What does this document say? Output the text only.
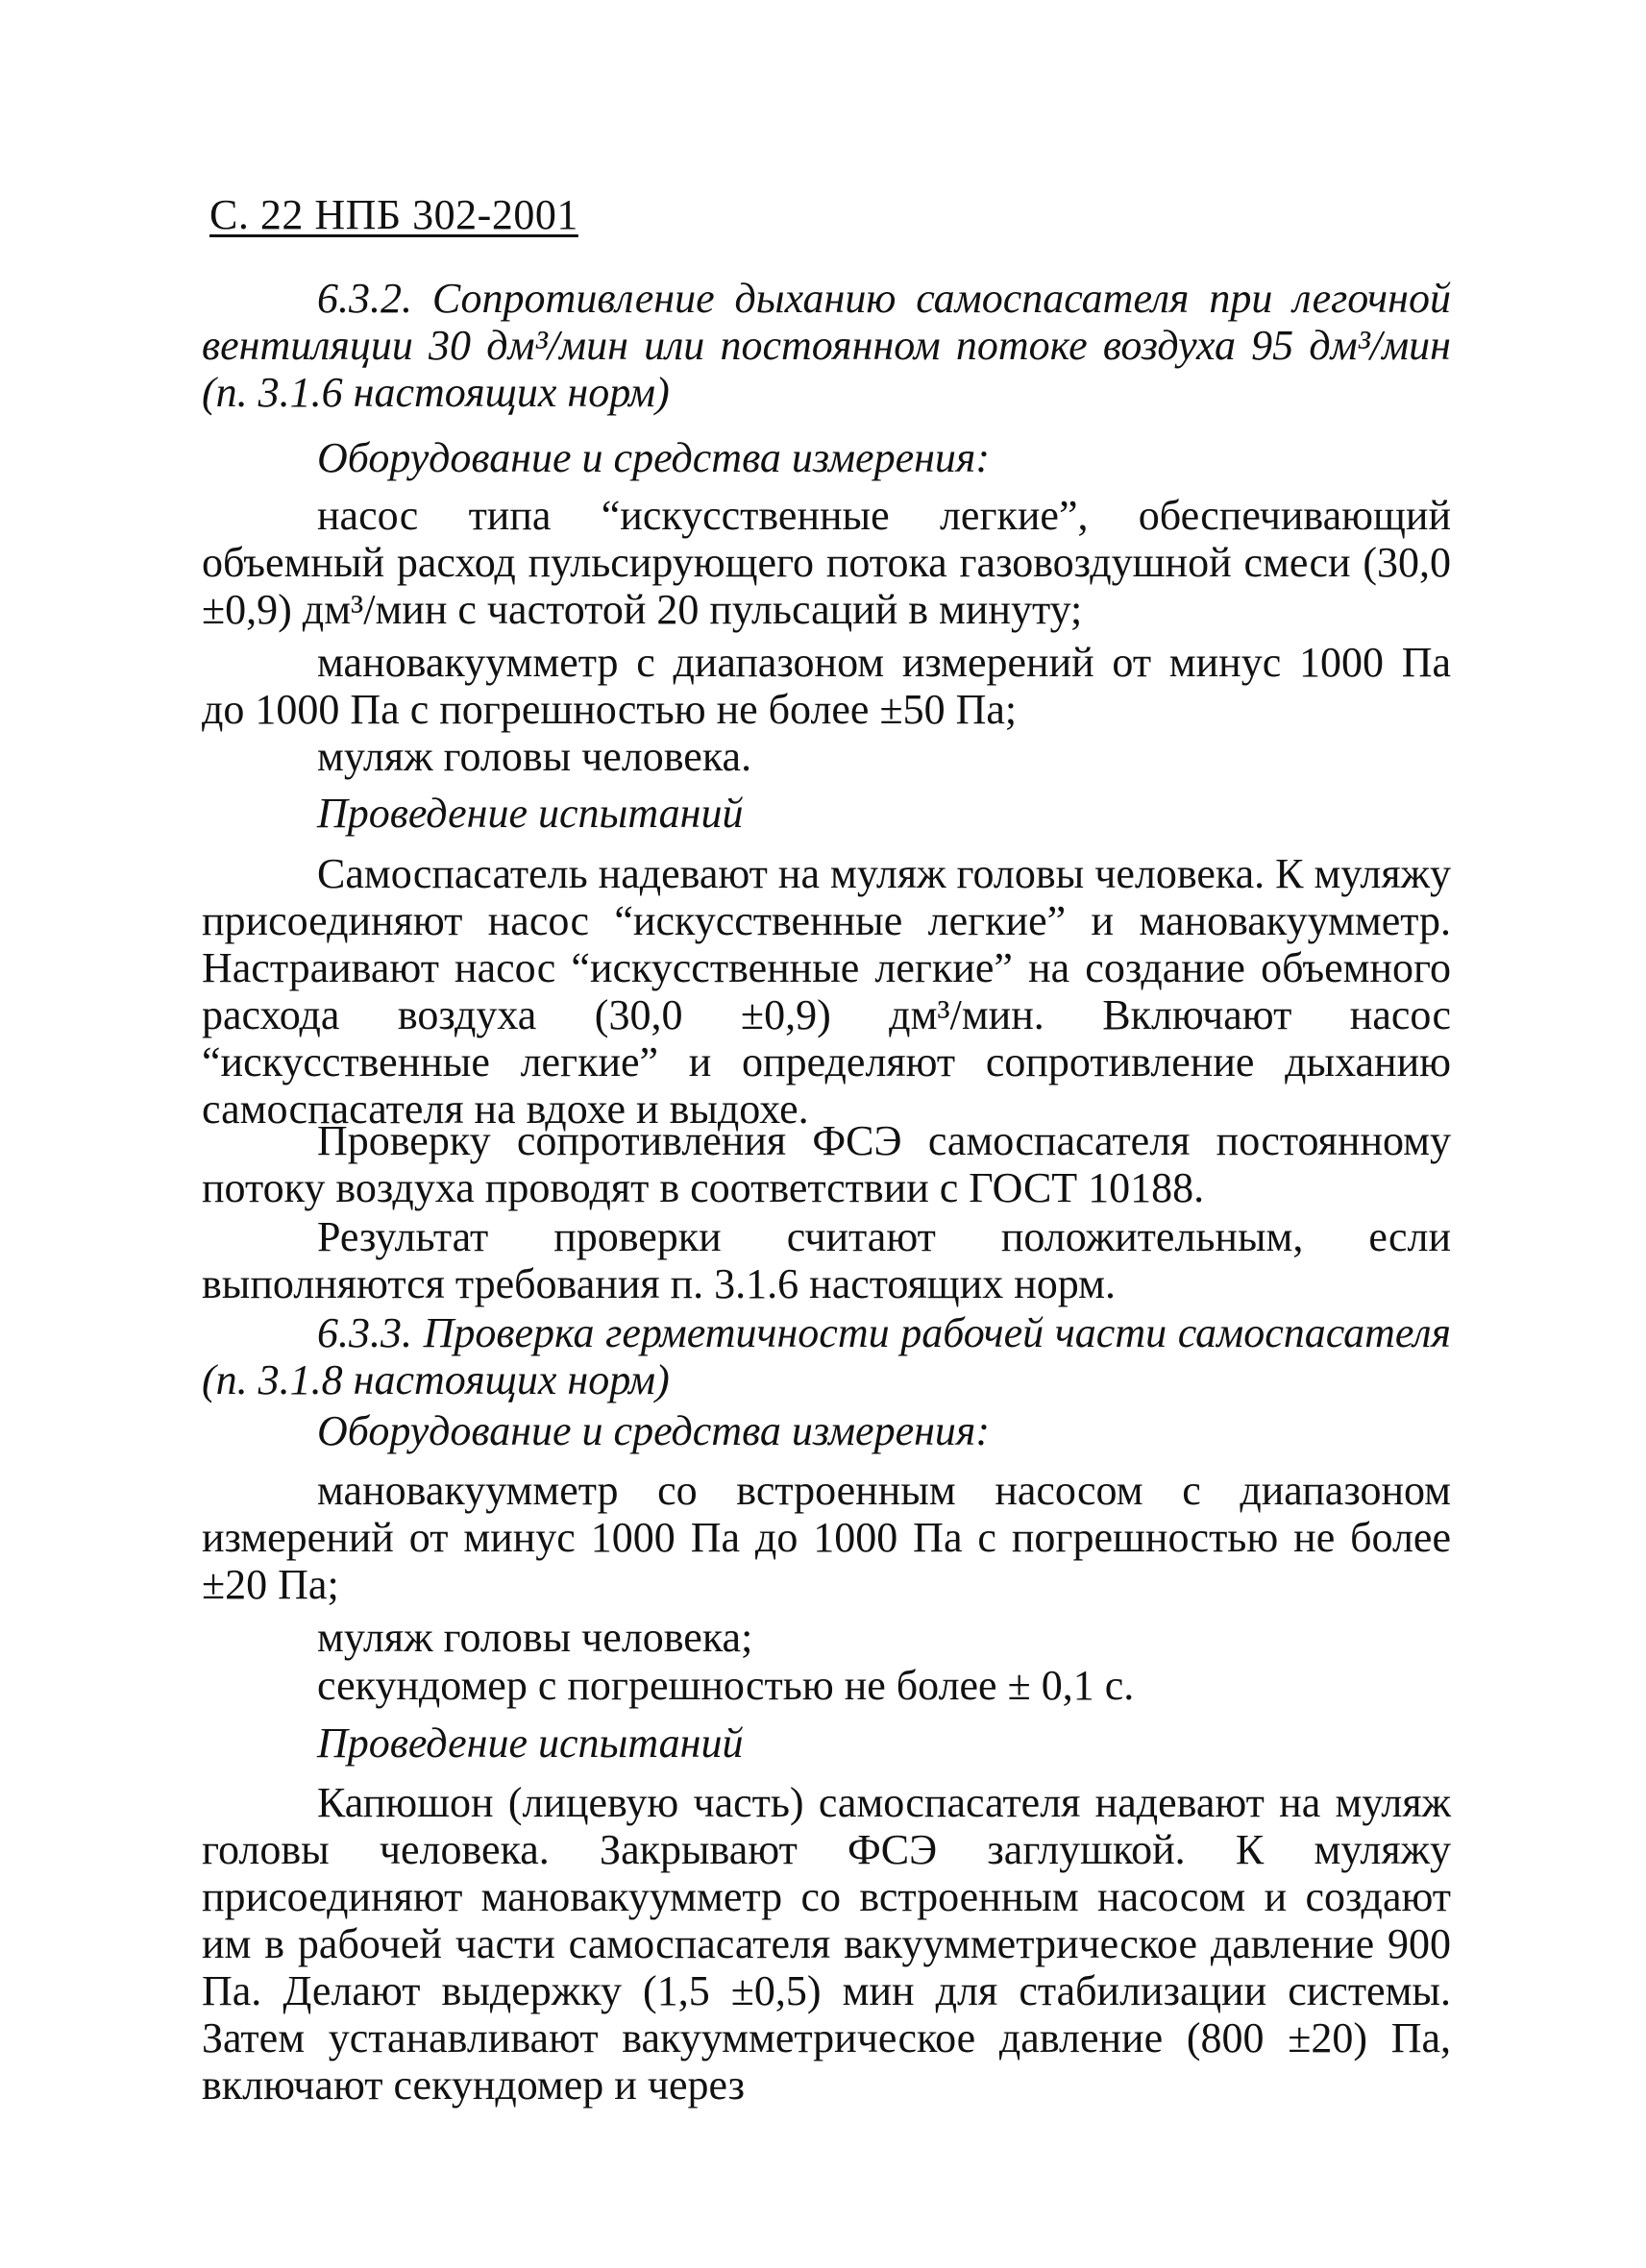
С. 22 НПБ 302-2001
6.3.2. Сопротивление дыханию самоспасателя при легочной вентиляции 30 дм³/мин или постоянном потоке воздуха 95 дм³/мин (п. 3.1.6 настоящих норм)
Оборудование и средства измерения:
насос типа “искусственные легкие”, обеспечивающий объемный расход пульсирующего потока газовоздушной смеси (30,0 ±0,9) дм³/мин с частотой 20 пульсаций в минуту;
мановакуумметр с диапазоном измерений от минус 1000 Па до 1000 Па с погрешностью не более ±50 Па;
муляж головы человека.
Проведение испытаний
Самоспасатель надевают на муляж головы человека. К муляжу присоединяют насос “искусственные легкие” и мановакуумметр. Настраивают насос “искусственные легкие” на создание объемного расхода воздуха (30,0 ±0,9) дм³/мин. Включают насос “искусственные легкие” и определяют сопротивление дыханию самоспасателя на вдохе и выдохе.
Проверку сопротивления ФСЭ самоспасателя постоянному потоку воздуха проводят в соответствии с ГОСТ 10188.
Результат проверки считают положительным, если выполняются требования п. 3.1.6 настоящих норм.
6.3.3. Проверка герметичности рабочей части самоспасателя (п. 3.1.8 настоящих норм)
Оборудование и средства измерения:
мановакуумметр со встроенным насосом с диапазоном измерений от минус 1000 Па до 1000 Па с погрешностью не более ±20 Па;
муляж головы человека;
секундомер с погрешностью не более ± 0,1 с.
Проведение испытаний
Капюшон (лицевую часть) самоспасателя надевают на муляж головы человека. Закрывают ФСЭ заглушкой. К муляжу присоединяют мановакуумметр со встроенным насосом и создают им в рабочей части самоспасателя вакуумметрическое давление 900 Па. Делают выдержку (1,5 ±0,5) мин для стабилизации системы. Затем устанавливают вакуумметрическое давление (800 ±20) Па, включают секундомер и через
